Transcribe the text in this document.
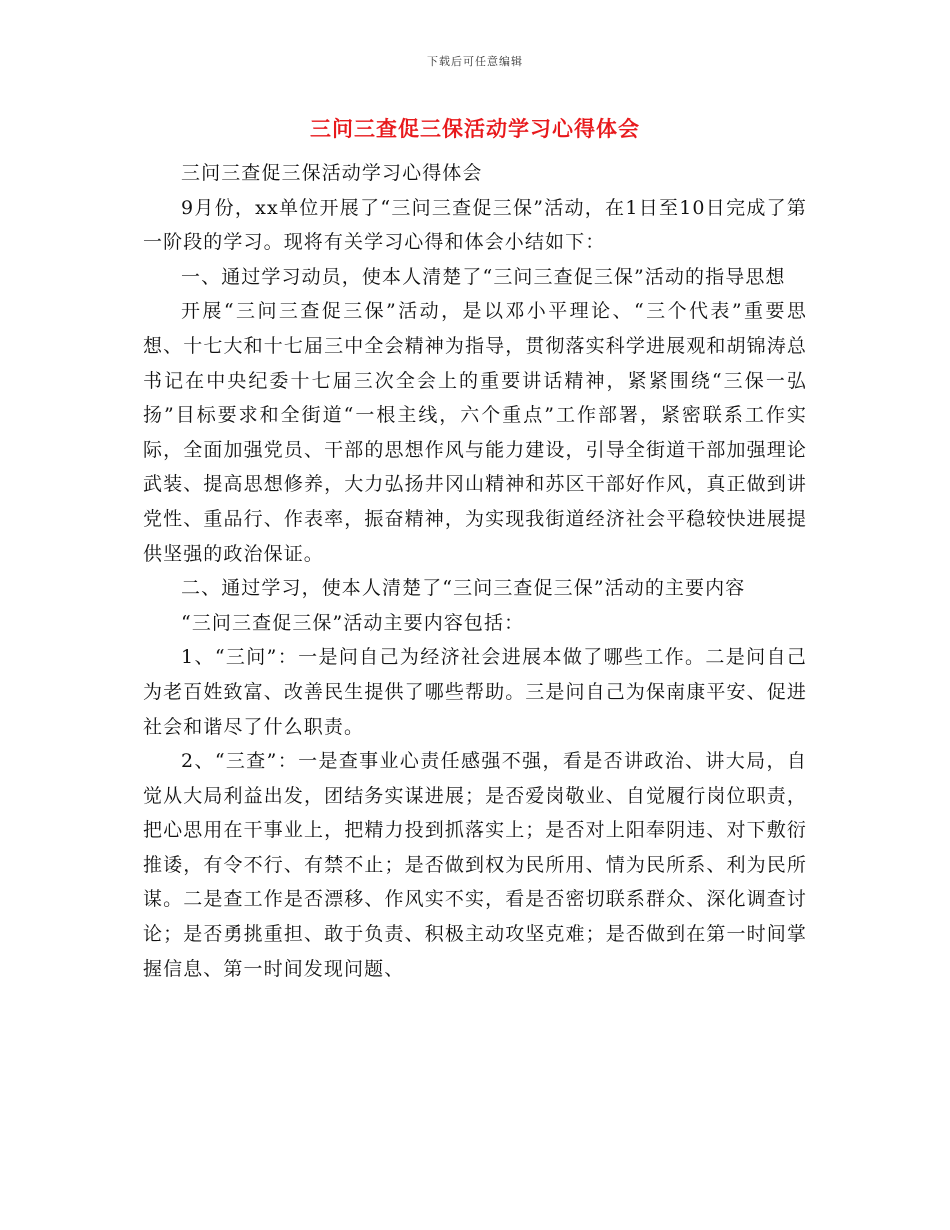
下载后可任意编辑
三问三查促三保活动学习心得体会

三问三查促三保活动学习心得体会

9月份，xx单位开展了“三问三查促三保”活动，在1日至10日完成了第一阶段的学习。现将有关学习心得和体会小结如下：

一、通过学习动员，使本人清楚了“三问三查促三保”活动的指导思想

开展“三问三查促三保”活动，是以邓小平理论、“三个代表”重要思想、十七大和十七届三中全会精神为指导，贯彻落实科学进展观和胡锦涛总书记在中央纪委十七届三次全会上的重要讲话精神，紧紧围绕“三保一弘扬”目标要求和全街道“一根主线，六个重点”工作部署，紧密联系工作实际，全面加强党员、干部的思想作风与能力建设，引导全街道干部加强理论武装、提高思想修养，大力弘扬井冈山精神和苏区干部好作风，真正做到讲党性、重品行、作表率，振奋精神，为实现我街道经济社会平稳较快进展提供坚强的政治保证。

二、通过学习，使本人清楚了“三问三查促三保”活动的主要内容

“三问三查促三保”活动主要内容包括：

1、“三问”：一是问自己为经济社会进展本做了哪些工作。二是问自己为老百姓致富、改善民生提供了哪些帮助。三是问自己为保南康平安、促进社会和谐尽了什么职责。

2、“三查”：一是查事业心责任感强不强，看是否讲政治、讲大局，自觉从大局利益出发，团结务实谋进展；是否爱岗敬业、自觉履行岗位职责，把心思用在干事业上，把精力投到抓落实上；是否对上阳奉阴违、对下敷衍推诿，有令不行、有禁不止；是否做到权为民所用、情为民所系、利为民所谋。二是查工作是否漂移、作风实不实，看是否密切联系群众、深化调查讨论；是否勇挑重担、敢于负责、积极主动攻坚克难；是否做到在第一时间掌握信息、第一时间发现问题、
